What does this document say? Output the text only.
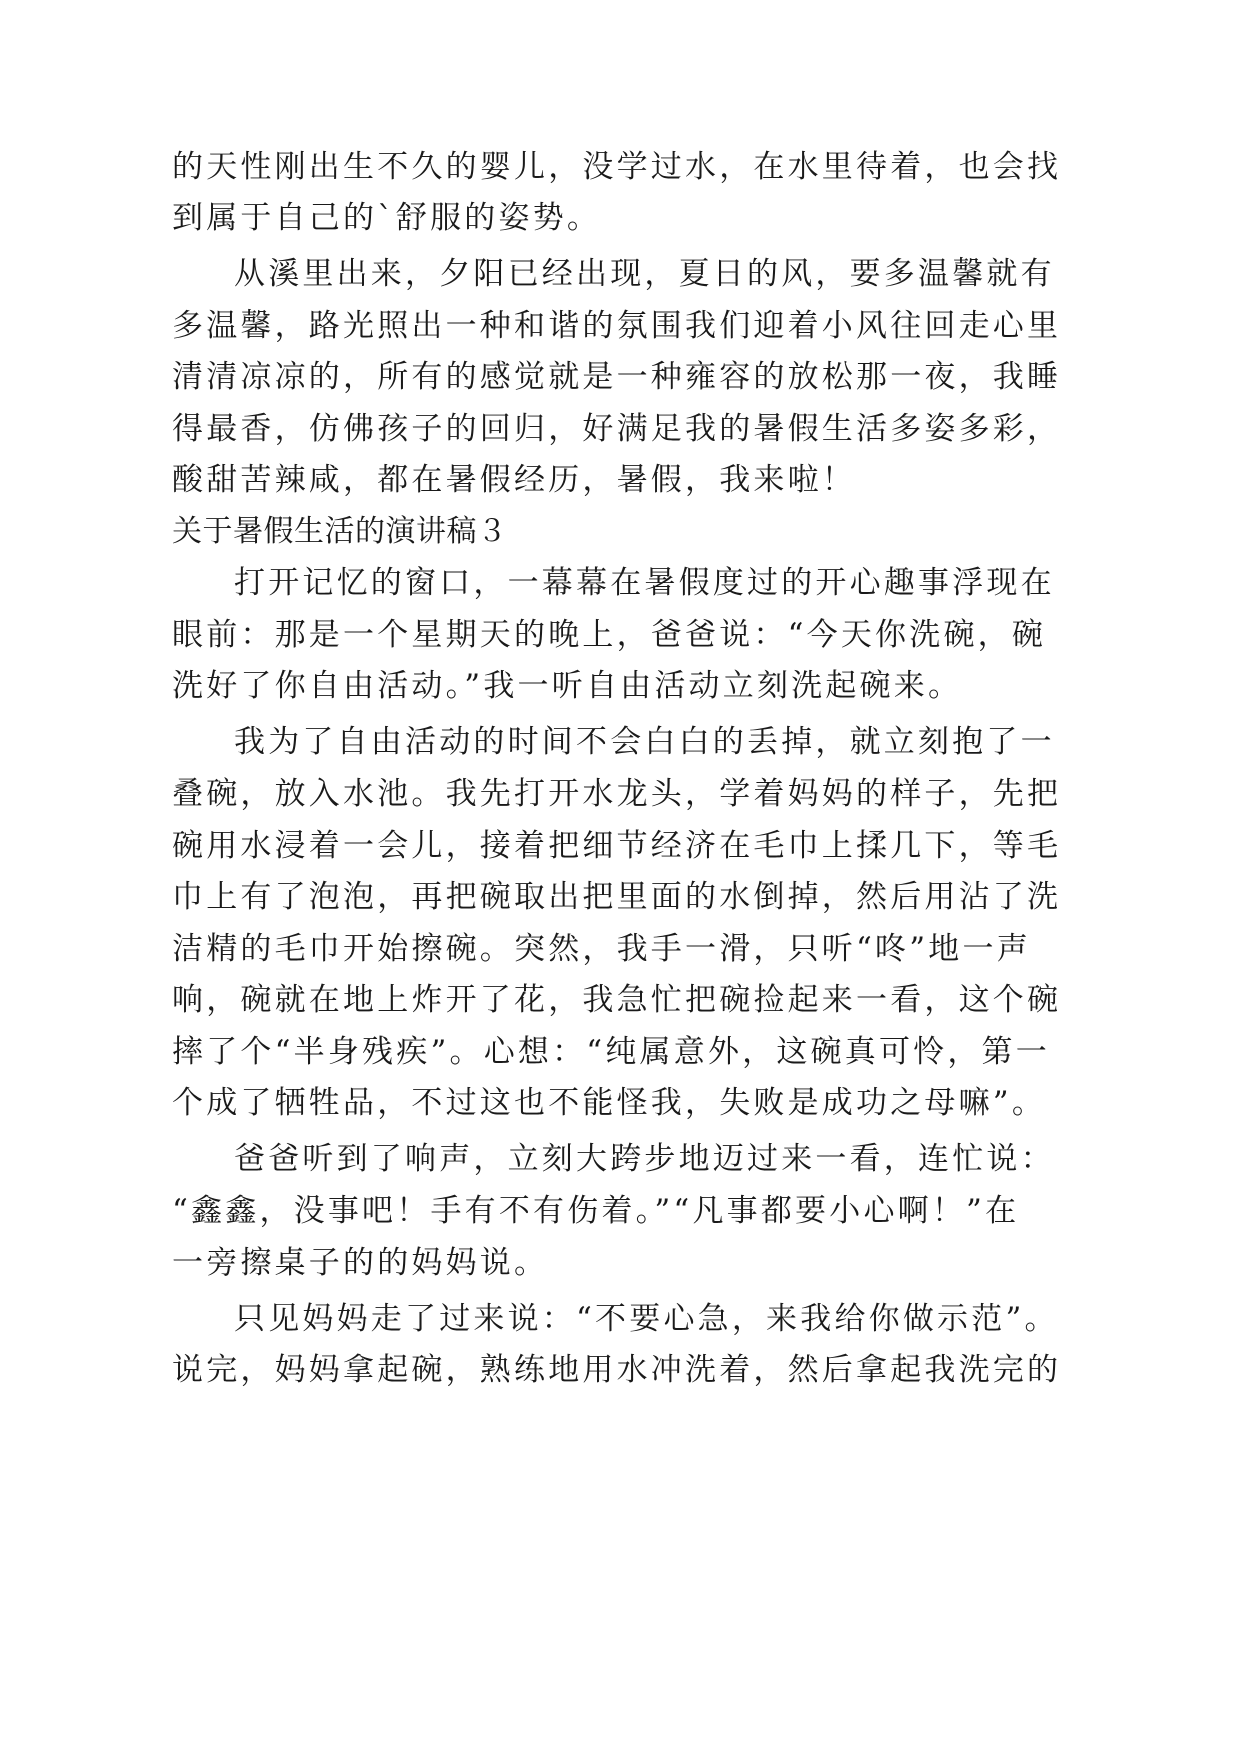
的天性刚出生不久的婴儿，没学过水，在水里待着，也会找
到属于自己的`舒服的姿势。
从溪里出来，夕阳已经出现，夏日的风，要多温馨就有
多温馨，路光照出一种和谐的氛围我们迎着小风往回走心里
清清凉凉的，所有的感觉就是一种雍容的放松那一夜，我睡
得最香，仿佛孩子的回归，好满足我的暑假生活多姿多彩，
酸甜苦辣咸，都在暑假经历，暑假，我来啦！
关于暑假生活的演讲稿３
打开记忆的窗口，一幕幕在暑假度过的开心趣事浮现在
眼前：那是一个星期天的晚上，爸爸说：“今天你洗碗，碗
洗好了你自由活动。”我一听自由活动立刻洗起碗来。
我为了自由活动的时间不会白白的丢掉，就立刻抱了一
叠碗，放入水池。我先打开水龙头，学着妈妈的样子，先把
碗用水浸着一会儿，接着把细节经济在毛巾上揉几下，等毛
巾上有了泡泡，再把碗取出把里面的水倒掉，然后用沾了洗
洁精的毛巾开始擦碗。突然，我手一滑，只听“咚”地一声
响，碗就在地上炸开了花，我急忙把碗捡起来一看，这个碗
摔了个“半身残疾”。心想：“纯属意外，这碗真可怜，第一
个成了牺牲品，不过这也不能怪我，失败是成功之母嘛”。
爸爸听到了响声，立刻大跨步地迈过来一看，连忙说：
“鑫鑫，没事吧！手有不有伤着。”“凡事都要小心啊！”在
一旁擦桌子的的妈妈说。
只见妈妈走了过来说：“不要心急，来我给你做示范”。
说完，妈妈拿起碗，熟练地用水冲洗着，然后拿起我洗完的
